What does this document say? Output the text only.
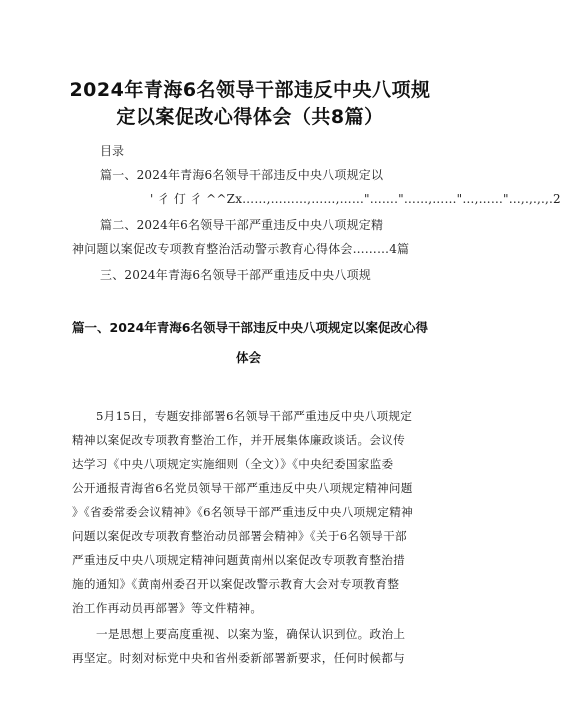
2024年青海6名领导干部违反中央八项规
定以案促改心得体会（共8篇）
目录
篇一、2024年青海6名领导干部违反中央八项规定以
' 彳 仃 彳 ^^Zx……,………,……,……"……."……,……"…,……"…,.,.,.,.2
篇二、2024年6名领导干部严重违反中央八项规定精
神问题以案促改专项教育整治活动警示教育心得体会………4篇
三、2024年青海6名领导干部严重违反中央八项规
篇一、2024年青海6名领导干部违反中央八项规定以案促改心得
体会
5月15日，专题安排部署6名领导干部严重违反中央八项规定
精神以案促改专项教育整治工作，并开展集体廉政谈话。会议传
达学习《中央八项规定实施细则（全文）》《中央纪委国家监委
公开通报青海省6名党员领导干部严重违反中央八项规定精神问题
》《省委常委会议精神》《6名领导干部严重违反中央八项规定精神
问题以案促改专项教育整治动员部署会精神》《关于6名领导干部
严重违反中央八项规定精神问题黄南州以案促改专项教育整治措
施的通知》《黄南州委召开以案促改警示教育大会对专项教育整
治工作再动员再部署》等文件精神。
一是思想上要高度重视、以案为鉴，确保认识到位。政治上
再坚定。时刻对标党中央和省州委新部署新要求，任何时候都与
